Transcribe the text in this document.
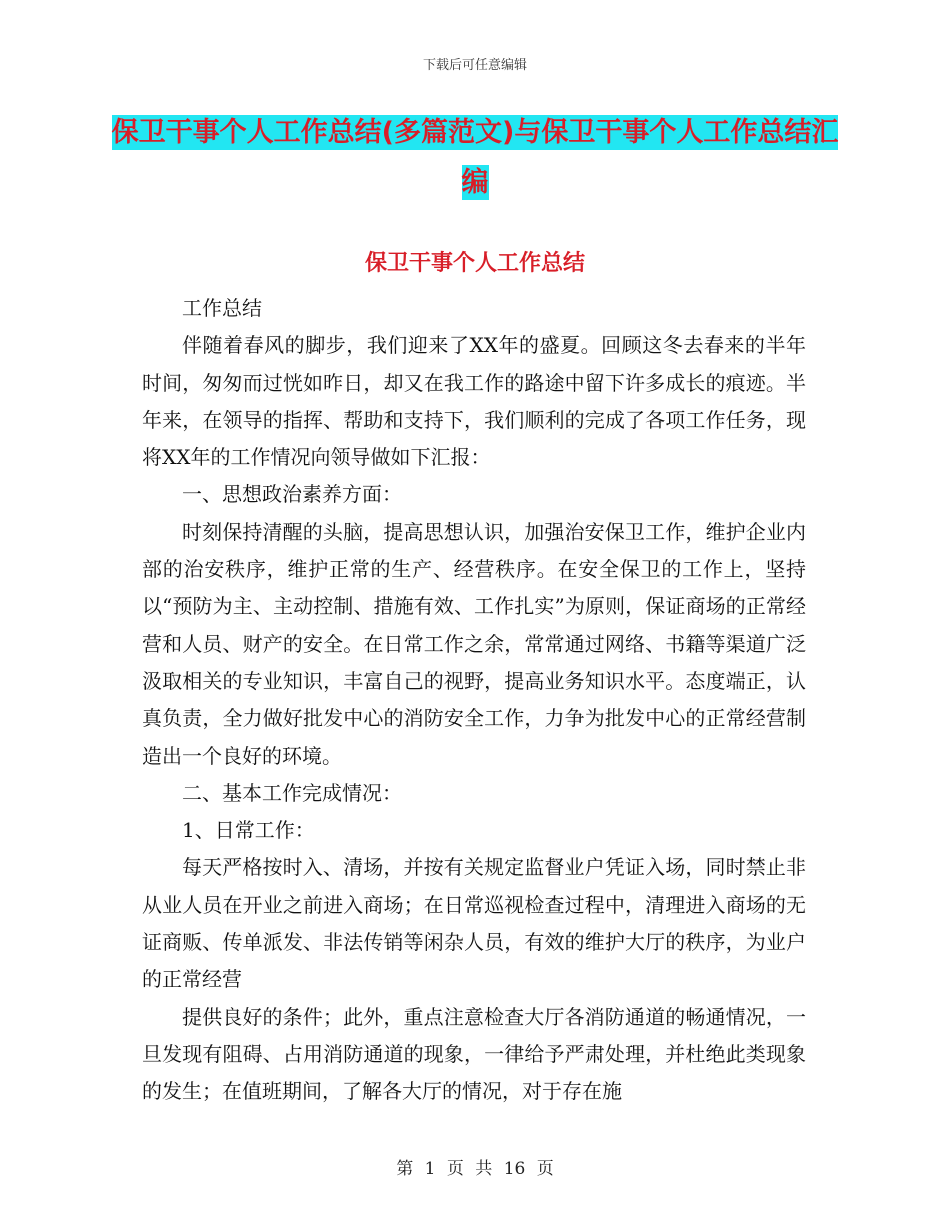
下载后可任意编辑
保卫干事个人工作总结(多篇范文)与保卫干事个人工作总结汇编
保卫干事个人工作总结

工作总结

伴随着春风的脚步，我们迎来了XX年的盛夏。回顾这冬去春来的半年时间，匆匆而过恍如昨日，却又在我工作的路途中留下许多成长的痕迹。半年来，在领导的指挥、帮助和支持下，我们顺利的完成了各项工作任务，现将XX年的工作情况向领导做如下汇报：

一、思想政治素养方面：

时刻保持清醒的头脑，提高思想认识，加强治安保卫工作，维护企业内部的治安秩序，维护正常的生产、经营秩序。在安全保卫的工作上，坚持以“预防为主、主动控制、措施有效、工作扎实”为原则，保证商场的正常经营和人员、财产的安全。在日常工作之余，常常通过网络、书籍等渠道广泛汲取相关的专业知识，丰富自己的视野，提高业务知识水平。态度端正，认真负责，全力做好批发中心的消防安全工作，力争为批发中心的正常经营制造出一个良好的环境。

二、基本工作完成情况：

1、日常工作：

每天严格按时入、清场，并按有关规定监督业户凭证入场，同时禁止非从业人员在开业之前进入商场；在日常巡视检查过程中，清理进入商场的无证商贩、传单派发、非法传销等闲杂人员，有效的维护大厅的秩序，为业户的正常经营

提供良好的条件；此外，重点注意检查大厅各消防通道的畅通情况，一旦发现有阻碍、占用消防通道的现象，一律给予严肃处理，并杜绝此类现象的发生；在值班期间，了解各大厅的情况，对于存在施

第 1 页 共 16 页
